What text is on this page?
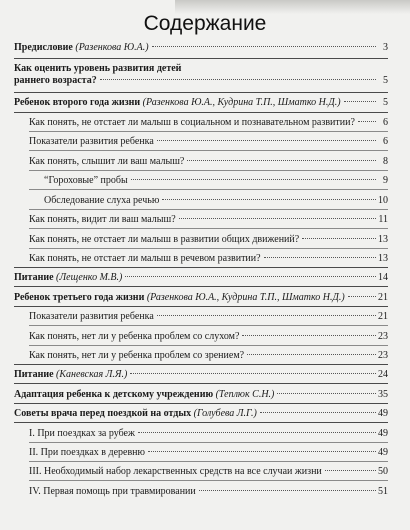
Содержание
Предисловие (Разенкова Ю.А.)	3
Как оценить уровень развития детей
раннего возраста?	5
Ребенок второго года жизни (Разенкова Ю.А., Кудрина Т.П., Шматко Н.Д.)	5
Как понять, не отстает ли малыш в социальном и познавательном развитии?	6
Показатели развития ребенка	6
Как понять, слышит ли ваш малыш?	8
“Гороховые” пробы	9
Обследование слуха речью	10
Как понять, видит ли ваш малыш?	11
Как понять, не отстает ли малыш в развитии общих движений?	13
Как понять, не отстает ли малыш в речевом развитии?	13
Питание (Лещенко М.В.)	14
Ребенок третьего года жизни (Разенкова Ю.А., Кудрина Т.П., Шматко Н.Д.)	21
Показатели развития ребенка	21
Как понять, нет ли у ребенка проблем со слухом?	23
Как понять, нет ли у ребенка проблем со зрением?	23
Питание (Каневская Л.Я.)	24
Адаптация ребенка к детскому учреждению (Теплюк С.Н.)	35
Советы врача перед поездкой на отдых (Голубева Л.Г.)	49
I. При поездках за рубеж	49
II. При поездках в деревню	49
III. Необходимый набор лекарственных средств на все случаи жизни	50
IV. Первая помощь при травмировании	51
